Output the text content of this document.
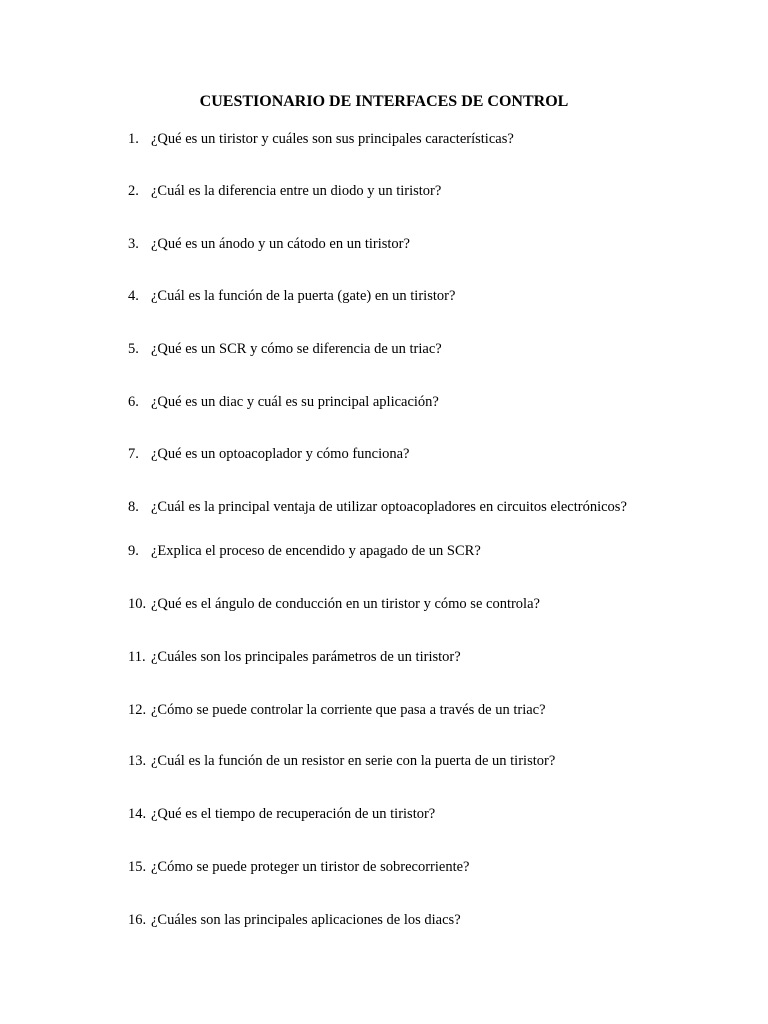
CUESTIONARIO DE INTERFACES DE CONTROL
1. ¿Qué es un tiristor y cuáles son sus principales características?
2. ¿Cuál es la diferencia entre un diodo y un tiristor?
3. ¿Qué es un ánodo y un cátodo en un tiristor?
4. ¿Cuál es la función de la puerta (gate) en un tiristor?
5. ¿Qué es un SCR y cómo se diferencia de un triac?
6. ¿Qué es un diac y cuál es su principal aplicación?
7. ¿Qué es un optoacoplador y cómo funciona?
8. ¿Cuál es la principal ventaja de utilizar optoacopladores en circuitos electrónicos?
9. ¿Explica el proceso de encendido y apagado de un SCR?
10. ¿Qué es el ángulo de conducción en un tiristor y cómo se controla?
11. ¿Cuáles son los principales parámetros de un tiristor?
12. ¿Cómo se puede controlar la corriente que pasa a través de un triac?
13. ¿Cuál es la función de un resistor en serie con la puerta de un tiristor?
14. ¿Qué es el tiempo de recuperación de un tiristor?
15. ¿Cómo se puede proteger un tiristor de sobrecorriente?
16. ¿Cuáles son las principales aplicaciones de los diacs?
